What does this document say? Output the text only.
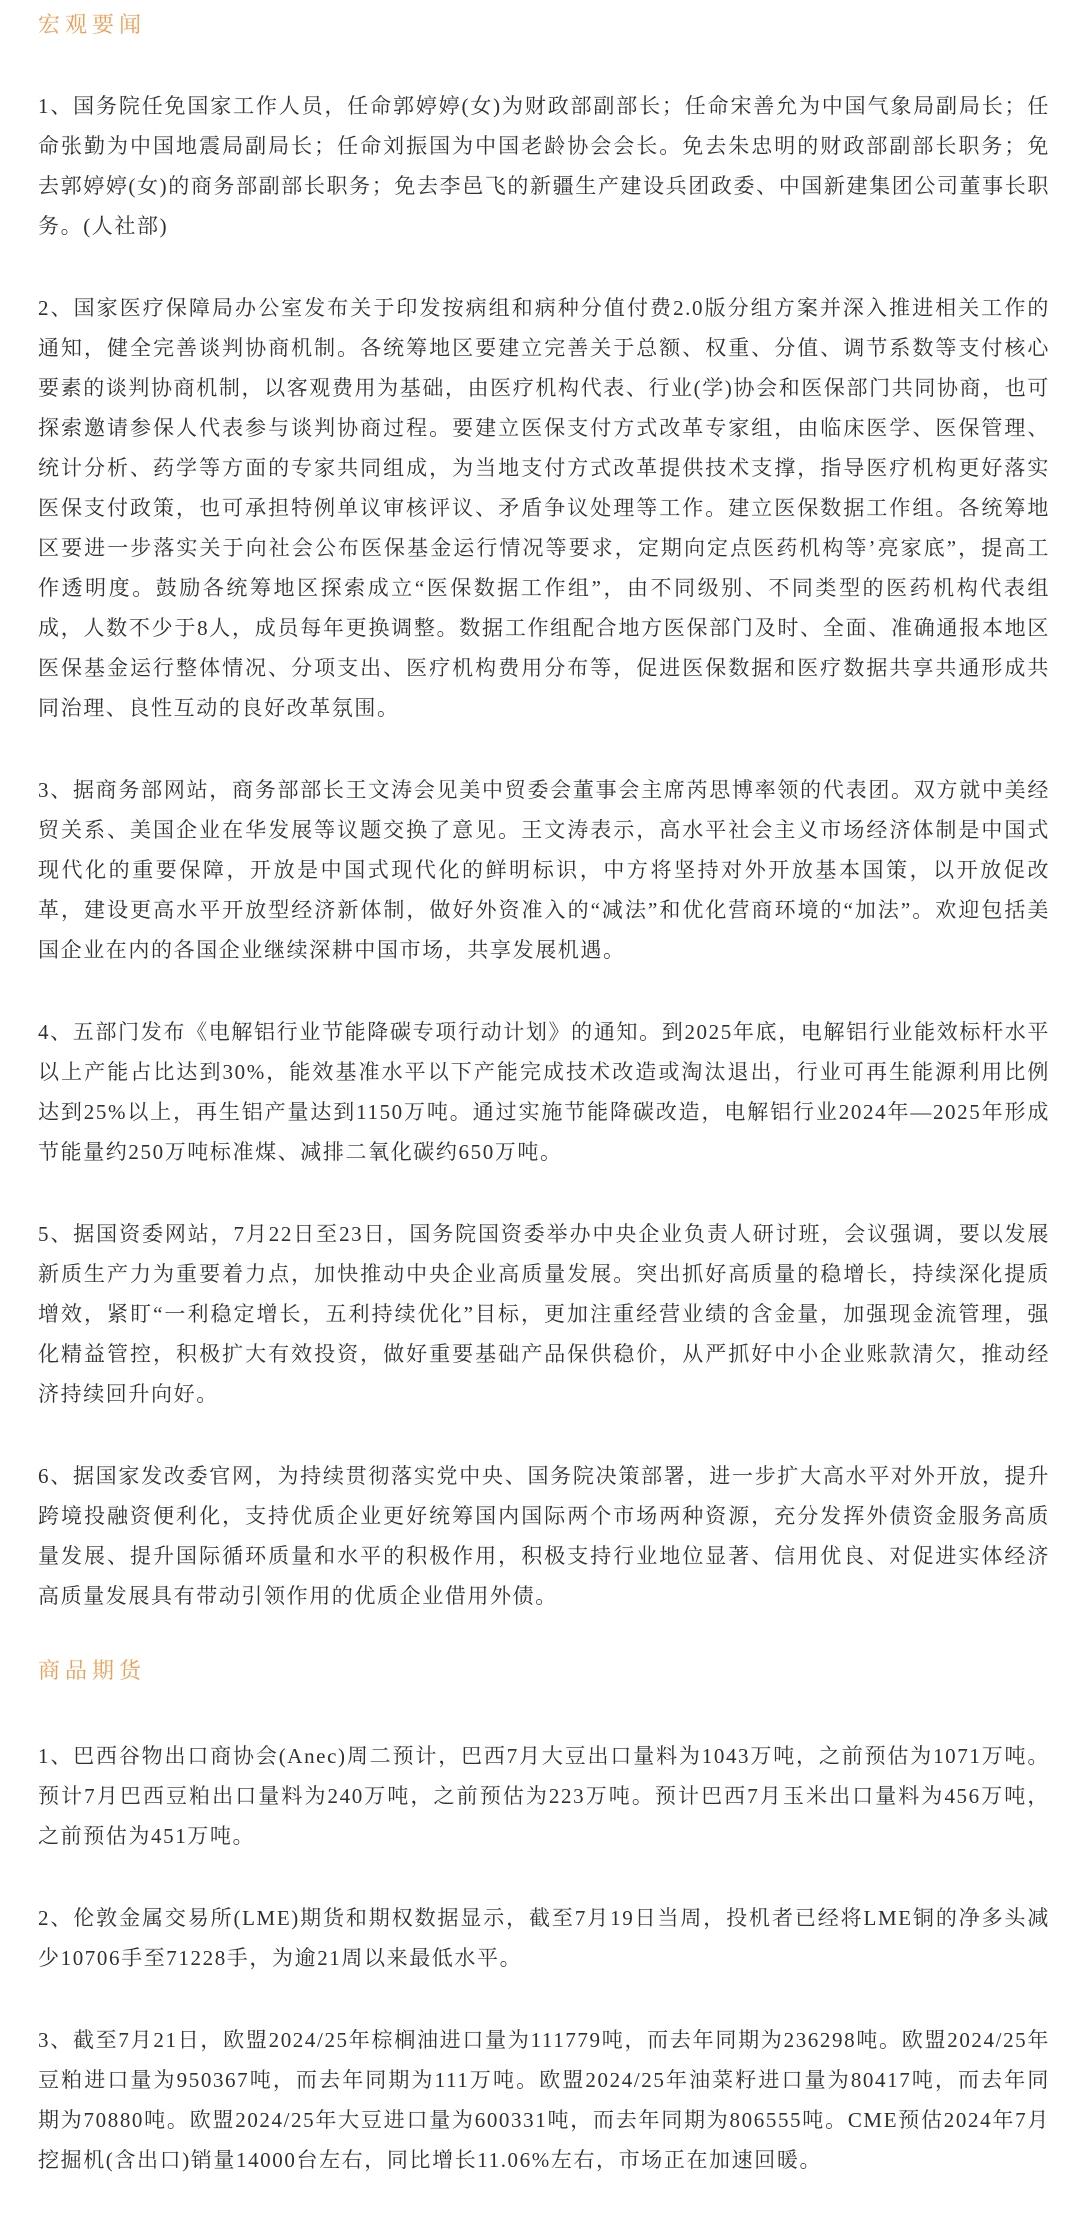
宏观要闻

1、国务院任免国家工作人员，任命郭婷婷(女)为财政部副部长；任命宋善允为中国气象局副局长；任命张勤为中国地震局副局长；任命刘振国为中国老龄协会会长。免去朱忠明的财政部副部长职务；免去郭婷婷(女)的商务部副部长职务；免去李邑飞的新疆生产建设兵团政委、中国新建集团公司董事长职务。(人社部)

2、国家医疗保障局办公室发布关于印发按病组和病种分值付费2.0版分组方案并深入推进相关工作的通知，健全完善谈判协商机制。各统筹地区要建立完善关于总额、权重、分值、调节系数等支付核心要素的谈判协商机制，以客观费用为基础，由医疗机构代表、行业(学)协会和医保部门共同协商，也可探索邀请参保人代表参与谈判协商过程。要建立医保支付方式改革专家组，由临床医学、医保管理、统计分析、药学等方面的专家共同组成，为当地支付方式改革提供技术支撑，指导医疗机构更好落实医保支付政策，也可承担特例单议审核评议、矛盾争议处理等工作。建立医保数据工作组。各统筹地区要进一步落实关于向社会公布医保基金运行情况等要求，定期向定点医药机构等’亮家底”，提高工作透明度。鼓励各统筹地区探索成立“医保数据工作组”，由不同级别、不同类型的医药机构代表组成，人数不少于8人，成员每年更换调整。数据工作组配合地方医保部门及时、全面、准确通报本地区医保基金运行整体情况、分项支出、医疗机构费用分布等，促进医保数据和医疗数据共享共通形成共同治理、良性互动的良好改革氛围。

3、据商务部网站，商务部部长王文涛会见美中贸委会董事会主席芮思博率领的代表团。双方就中美经贸关系、美国企业在华发展等议题交换了意见。王文涛表示，高水平社会主义市场经济体制是中国式现代化的重要保障，开放是中国式现代化的鲜明标识，中方将坚持对外开放基本国策，以开放促改革，建设更高水平开放型经济新体制，做好外资准入的“减法”和优化营商环境的“加法”。欢迎包括美国企业在内的各国企业继续深耕中国市场，共享发展机遇。

4、五部门发布《电解铝行业节能降碳专项行动计划》的通知。到2025年底，电解铝行业能效标杆水平以上产能占比达到30%，能效基准水平以下产能完成技术改造或淘汰退出，行业可再生能源利用比例达到25%以上，再生铝产量达到1150万吨。通过实施节能降碳改造，电解铝行业2024年—2025年形成节能量约250万吨标准煤、减排二氧化碳约650万吨。

5、据国资委网站，7月22日至23日，国务院国资委举办中央企业负责人研讨班，会议强调，要以发展新质生产力为重要着力点，加快推动中央企业高质量发展。突出抓好高质量的稳增长，持续深化提质增效，紧盯“一利稳定增长，五利持续优化”目标，更加注重经营业绩的含金量，加强现金流管理，强化精益管控，积极扩大有效投资，做好重要基础产品保供稳价，从严抓好中小企业账款清欠，推动经济持续回升向好。

6、据国家发改委官网，为持续贯彻落实党中央、国务院决策部署，进一步扩大高水平对外开放，提升跨境投融资便利化，支持优质企业更好统筹国内国际两个市场两种资源，充分发挥外债资金服务高质量发展、提升国际循环质量和水平的积极作用，积极支持行业地位显著、信用优良、对促进实体经济高质量发展具有带动引领作用的优质企业借用外债。

商品期货

1、巴西谷物出口商协会(Anec)周二预计，巴西7月大豆出口量料为1043万吨，之前预估为1071万吨。预计7月巴西豆粕出口量料为240万吨，之前预估为223万吨。预计巴西7月玉米出口量料为456万吨，之前预估为451万吨。

2、伦敦金属交易所(LME)期货和期权数据显示，截至7月19日当周，投机者已经将LME铜的净多头减少10706手至71228手，为逾21周以来最低水平。

3、截至7月21日，欧盟2024/25年棕榈油进口量为111779吨，而去年同期为236298吨。欧盟2024/25年豆粕进口量为950367吨，而去年同期为111万吨。欧盟2024/25年油菜籽进口量为80417吨，而去年同期为70880吨。欧盟2024/25年大豆进口量为600331吨，而去年同期为806555吨。CME预估2024年7月挖掘机(含出口)销量14000台左右，同比增长11.06%左右，市场正在加速回暖。
